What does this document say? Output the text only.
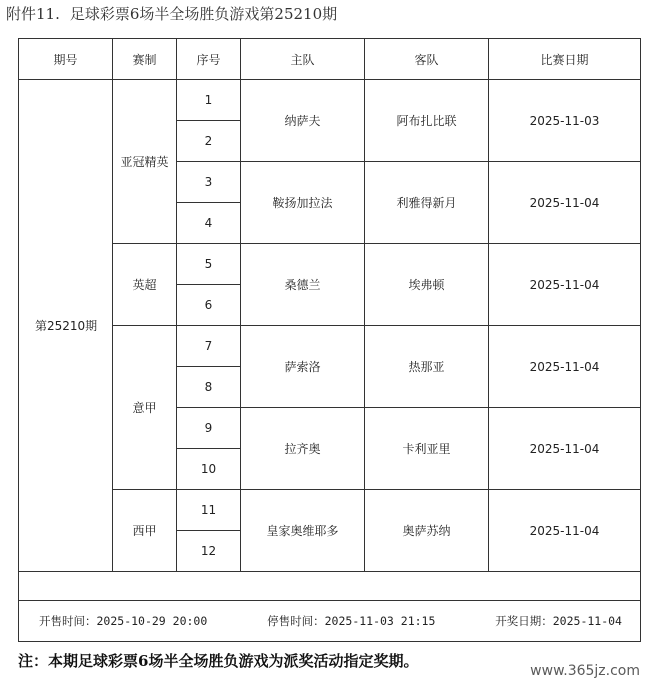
附件11. 足球彩票6场半全场胜负游戏第25210期
期号	赛制	序号	主队	客队	比赛日期
第25210期	亚冠精英	1	纳萨夫	阿布扎比联	2025-11-03
		2			
		3	鞍扬加拉法	利雅得新月	2025-11-04
		4			
	英超	5	桑德兰	埃弗顿	2025-11-04
		6			
	意甲	7	萨索洛	热那亚	2025-11-04
		8			
		9	拉齐奥	卡利亚里	2025-11-04
		10			
	西甲	11	皇家奥维耶多	奥萨苏纳	2025-11-04
		12			

开售时间：2025-10-29 20:00 停售时间：2025-11-03 21:15 开奖日期：2025-11-04					
注：本期足球彩票6场半全场胜负游戏为派奖活动指定奖期。
www.365jz.com
